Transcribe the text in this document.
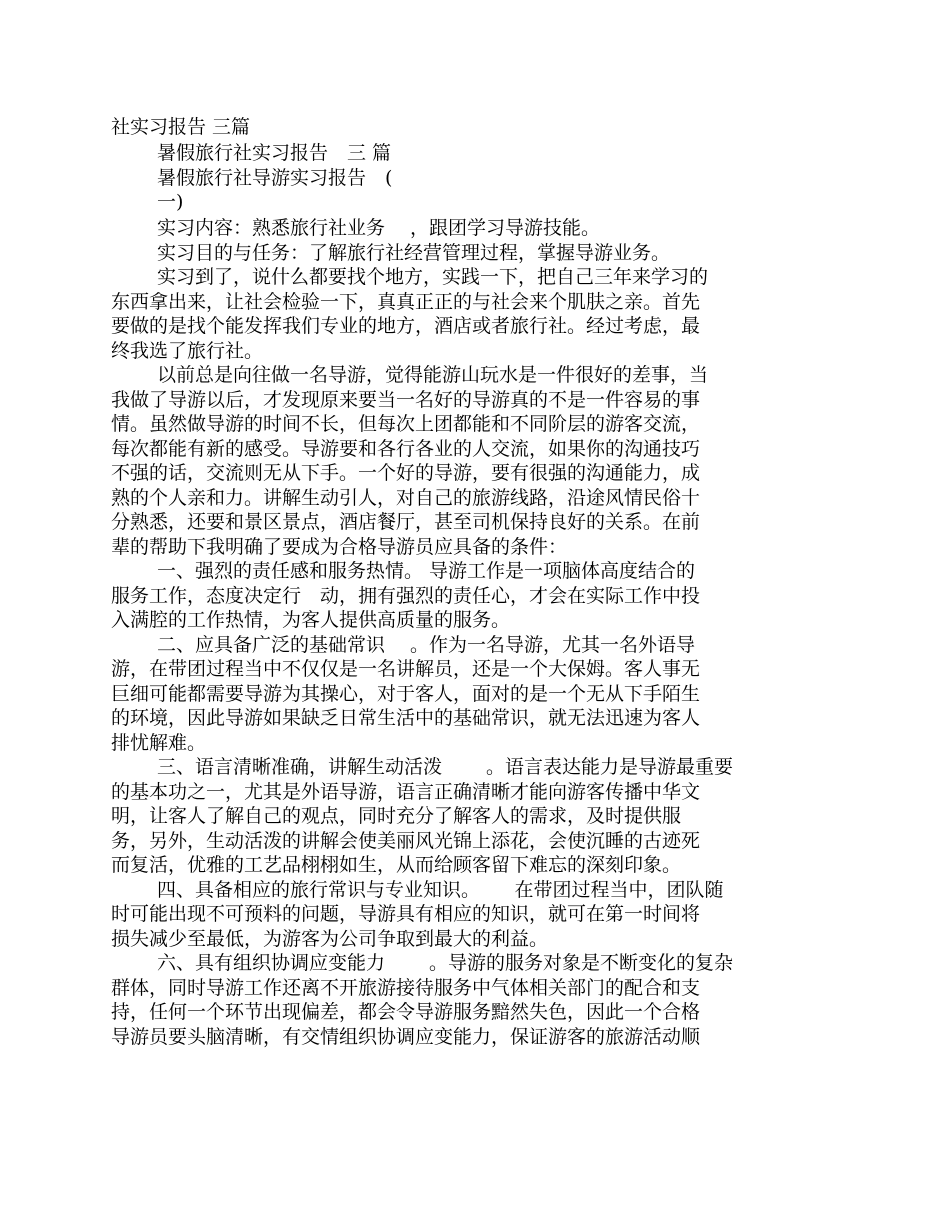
社实习报告 三篇

暑假旅行社实习报告　三 篇

暑假旅行社导游实习报告　(

一)

实习内容：熟悉旅行社业务　 ，跟团学习导游技能。

实习目的与任务：了解旅行社经营管理过程，掌握导游业务。

实习到了，说什么都要找个地方，实践一下，把自己三年来学习的

东西拿出来，让社会检验一下，真真正正的与社会来个肌肤之亲。首先

要做的是找个能发挥我们专业的地方，酒店或者旅行社。经过考虑，最

终我选了旅行社。

以前总是向往做一名导游，觉得能游山玩水是一件很好的差事，当

我做了导游以后，才发现原来要当一名好的导游真的不是一件容易的事

情。虽然做导游的时间不长，但每次上团都能和不同阶层的游客交流，

每次都能有新的感受。导游要和各行各业的人交流，如果你的沟通技巧

不强的话，交流则无从下手。一个好的导游，要有很强的沟通能力，成

熟的个人亲和力。讲解生动引人，对自己的旅游线路，沿途风情民俗十

分熟悉，还要和景区景点，酒店餐厅，甚至司机保持良好的关系。在前

辈的帮助下我明确了要成为合格导游员应具备的条件：

一、强烈的责任感和服务热情。 导游工作是一项脑体高度结合的

服务工作，态度决定行　动，拥有强烈的责任心，才会在实际工作中投

入满腔的工作热情，为客人提供高质量的服务。

二、应具备广泛的基础常识　 。作为一名导游，尤其一名外语导

游，在带团过程当中不仅仅是一名讲解员，还是一个大保姆。客人事无

巨细可能都需要导游为其操心，对于客人，面对的是一个无从下手陌生

的环境，因此导游如果缺乏日常生活中的基础常识，就无法迅速为客人

排忧解难。

三、语言清晰准确，讲解生动活泼　　 。语言表达能力是导游最重要

的基本功之一，尤其是外语导游，语言正确清晰才能向游客传播中华文

明，让客人了解自己的观点，同时充分了解客人的需求，及时提供服

务，另外，生动活泼的讲解会使美丽风光锦上添花，会使沉睡的古迹死

而复活，优雅的工艺品栩栩如生，从而给顾客留下难忘的深刻印象。

四、具备相应的旅行常识与专业知识。　　 在带团过程当中，团队随

时可能出现不可预料的问题，导游具有相应的知识，就可在第一时间将

损失减少至最低，为游客为公司争取到最大的利益。

六、具有组织协调应变能力　　 。导游的服务对象是不断变化的复杂

群体，同时导游工作还离不开旅游接待服务中气体相关部门的配合和支

持，任何一个环节出现偏差，都会令导游服务黯然失色，因此一个合格

导游员要头脑清晰，有交情组织协调应变能力，保证游客的旅游活动顺
